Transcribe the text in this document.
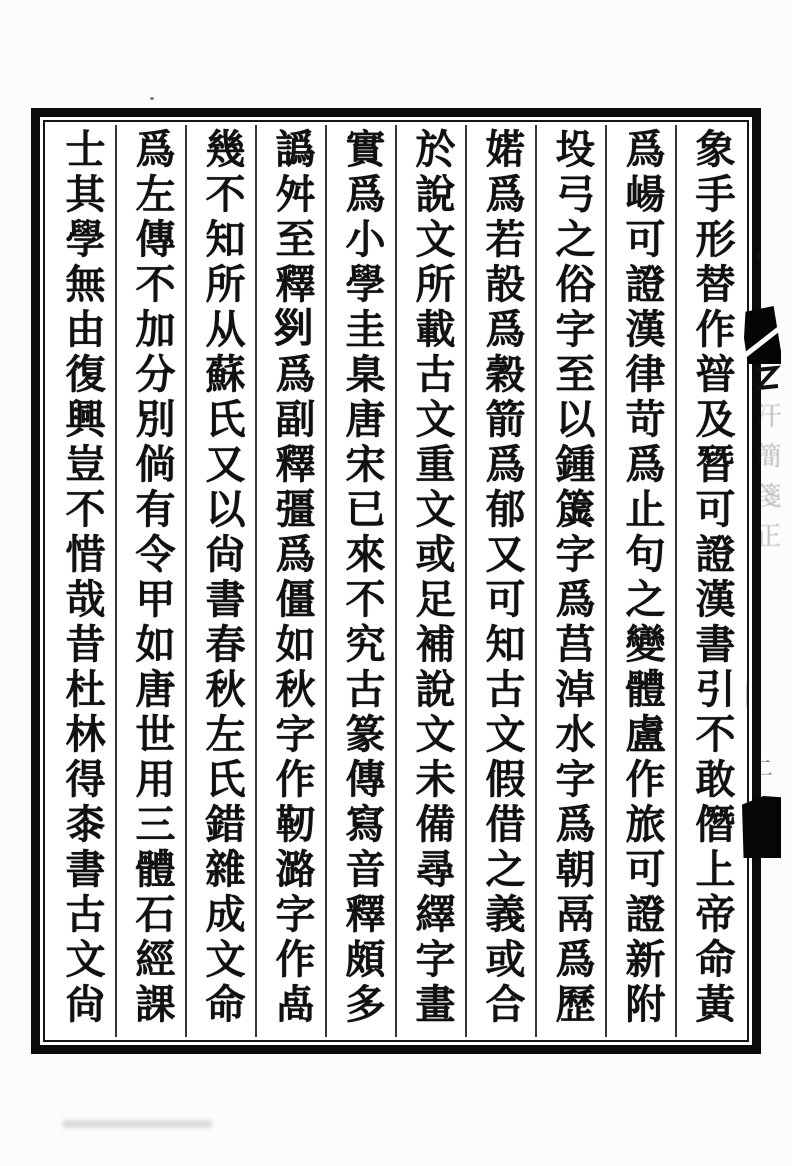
象手形替作暜及朁可證漢書引不敢僭上帝命黃
爲崵可證漢律苛爲止句之變體盧作旅可證新附
坄弓之俗字至以鍾簴字爲莒淖水字爲朝鬲爲歷
婼爲若㱿爲穀箭爲郁又可知古文假借之義或合
於說文所載古文重文或足補說文未備尋繹字畫
實爲小學圭臬唐宋已來不究古篆傳寫音釋頗多
譌舛至釋𠛱爲副釋彊爲僵如秋字作靭潞字作卨
幾不知所从蘇氏又以尙書春秋左氏錯雜成文命
爲左傳不加分別倘有令甲如唐世用三體石經課
士其學無由復興豈不惜哉昔杜林得桼書古文尙	汗簡箋正
二
